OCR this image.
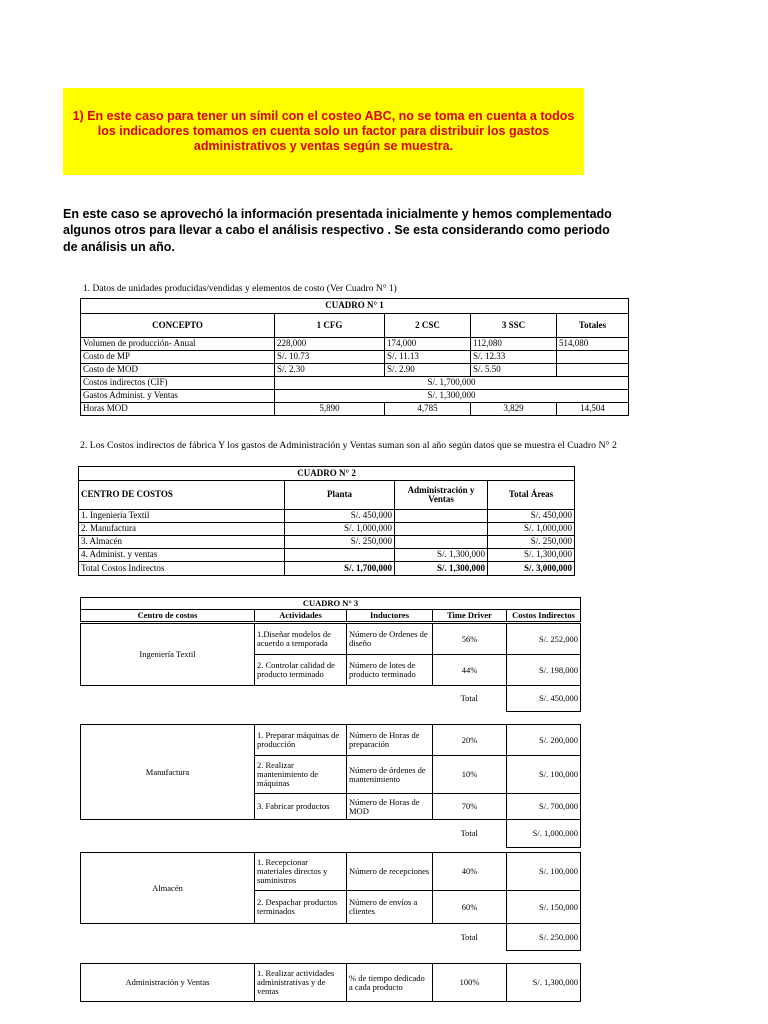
1) En este caso para tener un símil con el costeo ABC, no se toma en cuenta a todos los indicadores tomamos en cuenta solo un factor para distribuir los gastos administrativos y ventas según se muestra.
En este caso se aprovechó la información presentada inicialmente y hemos complementado algunos otros para llevar a cabo el análisis respectivo . Se esta considerando como periodo de análisis un año.
1. Datos de unidades producidas/vendidas y elementos de costo (Ver Cuadro N° 1)
CUADRO N° 1				
CONCEPTO	1 CFG	2 CSC	3 SSC	Totales
Volumen de producción- Anual	228,000	174,000	112,080	514,080
Costo de MP	S/. 10.73	S/. 11.13	S/. 12.33	
Costo de MOD	S/. 2.30	S/. 2.90	S/. 5.50	
Costos indirectos (CIF)	S/. 1,700,000			
Gastos Administ. y Ventas	S/. 1,300,000			
Horas MOD	5,890	4,785	3,829	14,504
2. Los Costos indirectos de fábrica Y los gastos de Administración y Ventas suman son al año según datos que se muestra el Cuadro N° 2
CUADRO N° 2			
CENTRO DE COSTOS	Planta	Administración y Ventas	Total Áreas
1. Ingeniería Textil	S/. 450,000		S/. 450,000
2. Manufactura	S/. 1,000,000		S/. 1,000,000
3. Almacén	S/. 250,000		S/. 250,000
4. Administ. y ventas		S/. 1,300,000	S/. 1,300,000
Total Costos Indirectos	S/. 1,700,000	S/. 1,300,000	S/. 3,000,000
CUADRO N° 3
Centro de costos	Actividades	Inductores	Time Driver	Costos Indirectos
Ingeniería Textil	1.Diseñar modelos de acuerdo a temporada	Número de Ordenes de diseño	56%	S/. 252,000
	2. Controlar calidad de producto terminado	Número de lotes de producto terminado	44%	S/. 198,000
			Total	S/. 450,000
Manufactura	1. Preparar máquinas de producción	Número de Horas de preparación	20%	S/. 200,000
	2. Realizar mantenimiento de máquinas	Número de órdenes de mantenimiento	10%	S/. 100,000
	3. Fabricar productos	Número de Horas de MOD	70%	S/. 700,000
			Total	S/. 1,000,000
Almacén	1. Recepcionar materiales directos y suministros	Número de recepciones	40%	S/. 100,000
	2. Despachar productos terminados	Número de envíos a clientes	60%	S/. 150,000
			Total	S/. 250,000
Administración y Ventas	1. Realizar actividades administrativas y de ventas	% de tiempo dedicado a cada producto	100%	S/. 1,300,000
